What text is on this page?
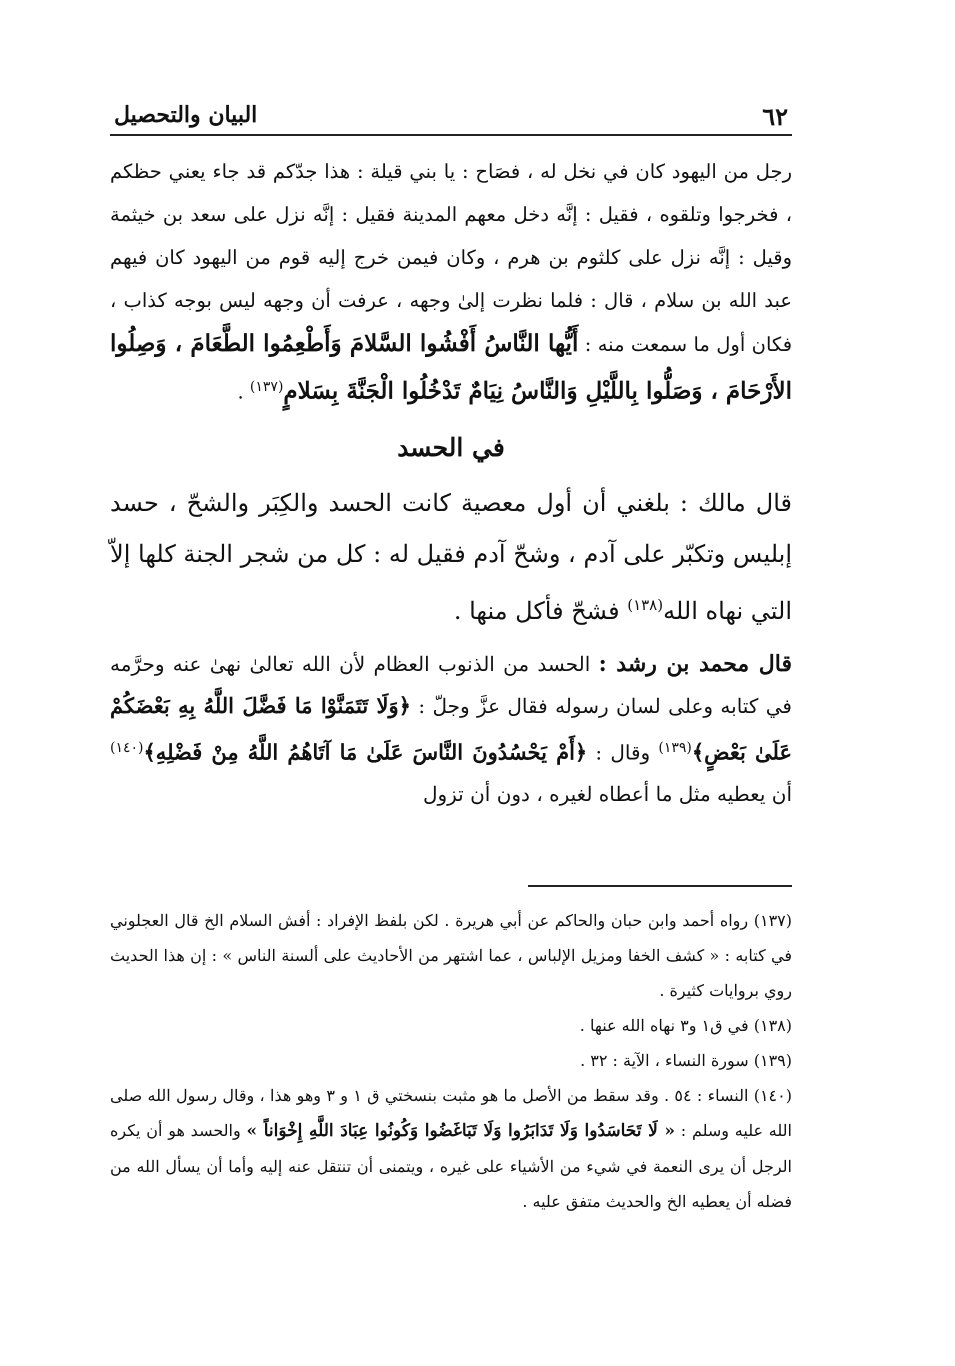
٦٢
البيان والتحصيل

رجل من اليهود كان في نخل له ، فصَاح : يا بني قيلة : هذا جدّكم قد جاء يعني حظكم ، فخرجوا وتلقوه ، فقيل : إنَّه دخل معهم المدينة فقيل : إنَّه نزل على سعد بن خيثمة وقيل : إنَّه نزل على كلثوم بن هرم ، وكان فيمن خرج إليه قوم من اليهود كان فيهم عبد الله بن سلام ، قال : فلما نظرت إلىٰ وجهه ، عرفت أن وجهه ليس بوجه كذاب ، فكان أول ما سمعت منه : أَيُّها النَّاسُ أَفْشُوا السَّلامَ وَأَطْعِمُوا الطَّعَامَ ، وَصِلُوا الأَرْحَامَ ، وَصَلُّوا بِاللَّيْلِ وَالنَّاسُ نِيَامٌ تَدْخُلُوا الْجَنَّةَ بِسَلامٍ$^{(١٣٧)}$ .

في الحسد

قال مالك : بلغني أن أول معصية كانت الحسد والكِبَر والشحّ ، حسد إبليس وتكبّر على آدم ، وشحّ آدم فقيل له : كل من شجر الجنة كلها إلاّ التي نهاه الله$^{(١٣٨)}$ فشحّ فأكل منها .

قال محمد بن رشد : الحسد من الذنوب العظام لأن الله تعالىٰ نهىٰ عنه وحرَّمه في كتابه وعلى لسان رسوله فقال عزَّ وجلّ : ﴿وَلَا تَتَمَنَّوْا مَا فَضَّلَ اللَّهُ بِهِ بَعْضَكُمْ عَلَىٰ بَعْضٍ﴾$^{(١٣٩)}$ وقال : ﴿أَمْ يَحْسُدُونَ النَّاسَ عَلَىٰ مَا آتَاهُمُ اللَّهُ مِنْ فَضْلِهِ﴾$^{(١٤٠)}$ أن يعطيه مثل ما أعطاه لغيره ، دون أن تزول

(١٣٧) رواه أحمد وابن حبان والحاكم عن أبي هريرة . لكن بلفظ الإفراد : أفش السلام الخ قال العجلوني في كتابه : « كشف الخفا ومزيل الإلباس ، عما اشتهر من الأحاديث على ألسنة الناس » : إن هذا الحديث روي بروايات كثيرة .

(١٣٨) في ق١ و٣ نهاه الله عنها .

(١٣٩) سورة النساء ، الآية : ٣٢ .

(١٤٠) النساء : ٥٤ . وقد سقط من الأصل ما هو مثبت بنسختي ق ١ و ٣ وهو هذا ، وقال رسول الله صلى الله عليه وسلم : « لَا تَحَاسَدُوا وَلَا تَدَابَرُوا وَلَا تَبَاغَضُوا وَكُونُوا عِبَادَ اللَّهِ إِخْوَاناً » والحسد هو أن يكره الرجل أن يرى النعمة في شيء من الأشياء على غيره ، ويتمنى أن تنتقل عنه إليه وأما أن يسأل الله من فضله أن يعطيه الخ والحديث متفق عليه .
